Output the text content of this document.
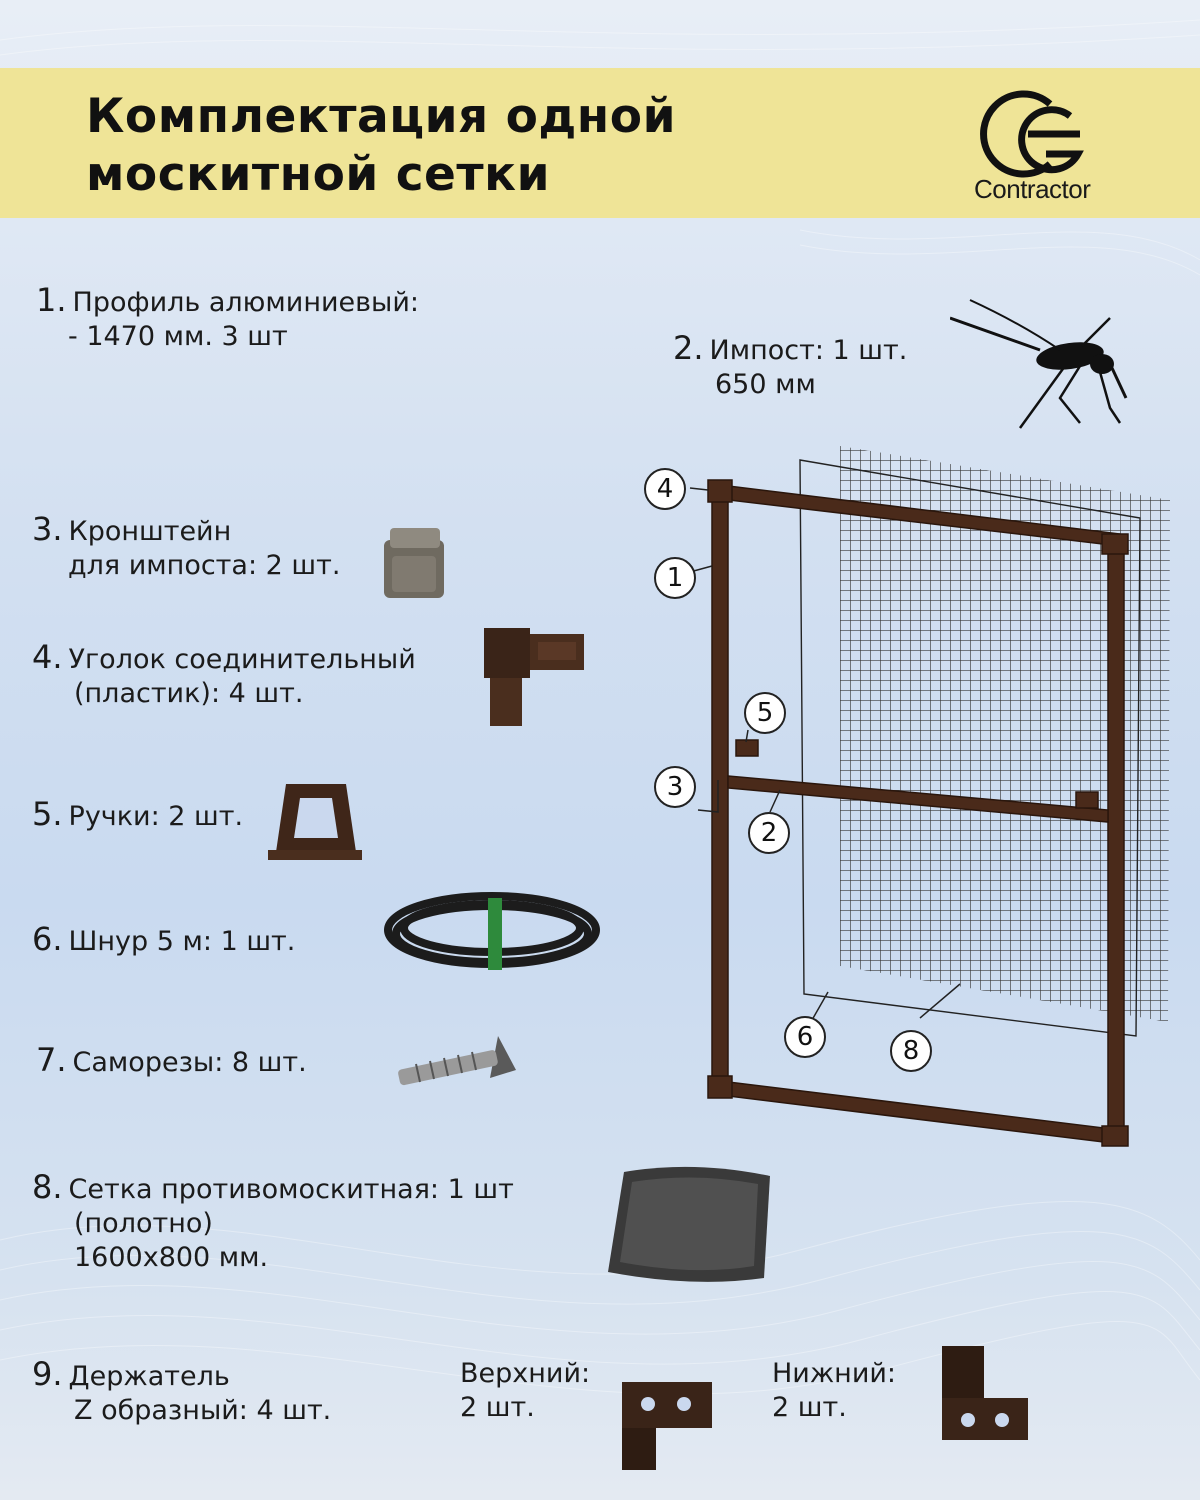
Комплектация одной
москитной сетки	Contractor
1. Профиль алюминиевый:
- 1470 мм. 3 шт	2. Импост: 1 шт.
650 мм
3. Кронштейн
для импоста: 2 шт.
4. Уголок соединительный
(пластик): 4 шт.
5. Ручки: 2 шт.
6. Шнур 5 м: 1 шт.
7. Саморезы: 8 шт.
8. Сетка противомоскитная: 1 шт
(полотно)
1600x800 мм.
9. Держатель
Z образный: 4 шт.
Верхний:
2 шт.
Нижний:
2 шт.
1
2
3
4
5
6	8
